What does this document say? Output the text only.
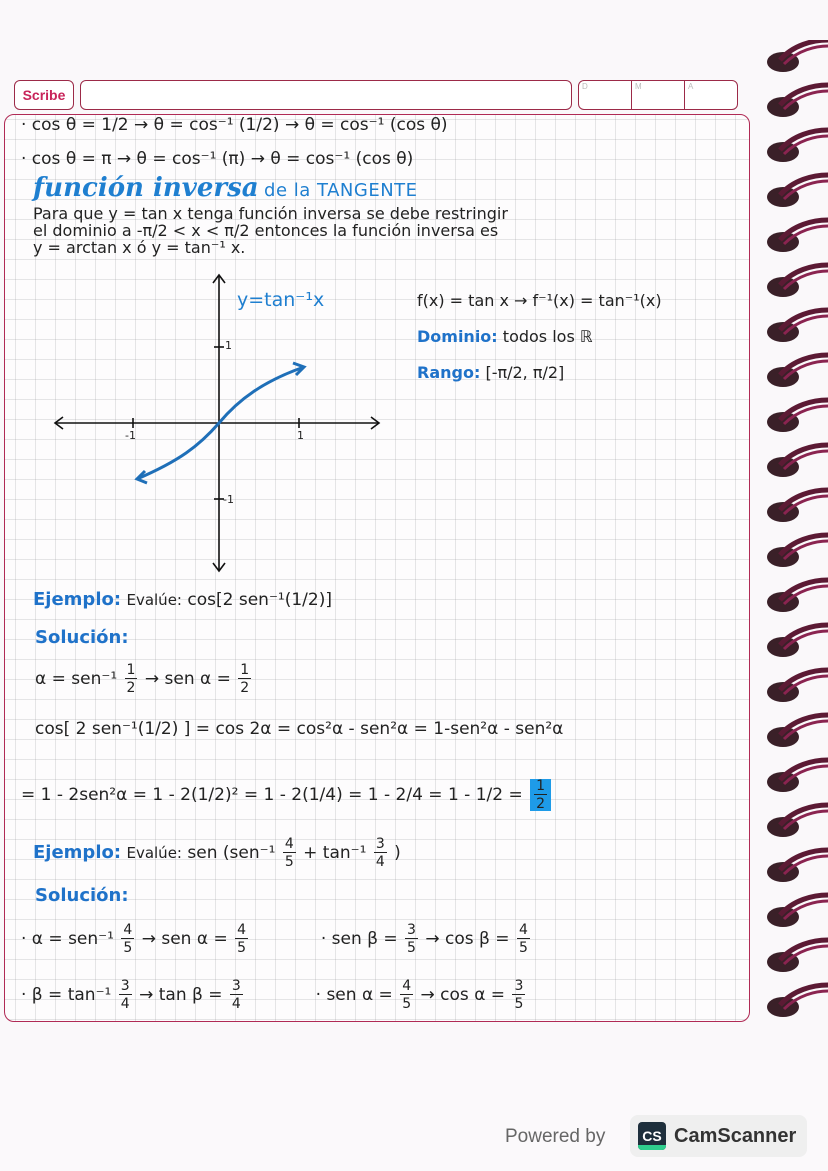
Scribe
D	M	A
· cos θ = 1/2 → θ = cos⁻¹ (1/2) → θ = cos⁻¹ (cos θ)
· cos θ = π → θ = cos⁻¹ (π) → θ = cos⁻¹ (cos θ)
función inversa de la TANGENTE
Para que y = tan x tenga función inversa se debe restringir
el dominio a -π/2 < x < π/2 entonces la función inversa es
y = arctan x ó y = tan⁻¹ x.
y=tan⁻¹x
-1	1
1
-1
f(x) = tan x → f⁻¹(x) = tan⁻¹(x)
Dominio: todos los ℝ
Rango: [-π/2, π/2]
Ejemplo: Evalúe: cos[2 sen⁻¹(1/2)]
Solución:
$\alpha = sen^{-1} \frac{1}{2}$ → sen $\alpha = \frac{1}{2}$
cos[ 2 sen⁻¹(1/2) ] = cos 2α = cos²α - sen²α = 1-sen²α - sen²α
= $1 - 2sen^2\alpha = 1 - 2(1/2)^2 = 1 - 2(1/4) = 1 - 2/4 = 1 - 1/2 = \frac{1}{2}$
Ejemplo: Evalúe: sen ($sen^{-1} \frac{4}{5} + \tan^{-1} \frac{3}{4}$ )
Solución:
· $\alpha = sen^{-1} \frac{4}{5}$ → sen $\alpha = \frac{4}{5}$	· sen $\beta = \frac{3}{5} \to \cos \beta = \frac{4}{5}$
· $\beta = \tan^{-1} \frac{3}{4} \to \tan \beta = \frac{3}{4}$	· sen $\alpha = \frac{4}{5} \to \cos \alpha = \frac{3}{5}$
Powered by	CS CamScanner
